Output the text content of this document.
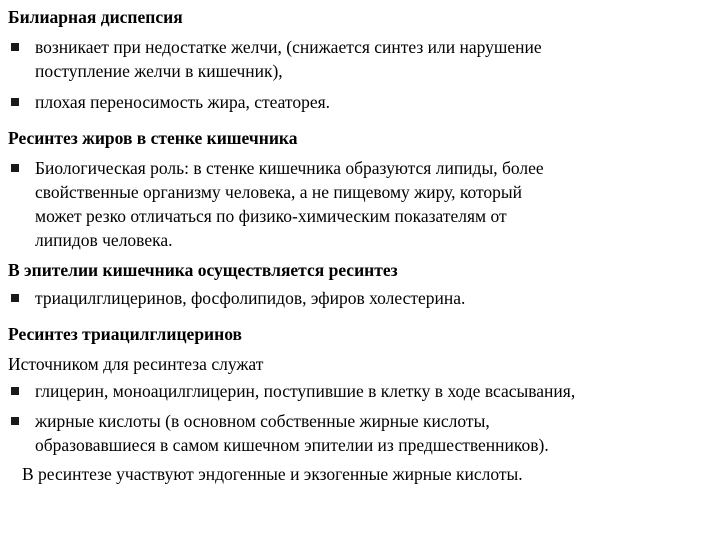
Билиарная диспепсия
возникает при недостатке желчи, (снижается синтез или нарушение
поступление желчи в кишечник),
плохая переносимость жира, стеаторея.
Ресинтез жиров в стенке кишечника
Биологическая роль: в стенке кишечника образуются липиды, более
свойственные организму человека, а не пищевому жиру, который
может резко отличаться по физико-химическим показателям от
липидов человека.
В эпителии кишечника осуществляется ресинтез
триацилглицеринов, фосфолипидов, эфиров холестерина.
Ресинтез триацилглицеринов
Источником для ресинтеза служат
глицерин, моноацилглицерин, поступившие в клетку в ходе всасывания,
жирные кислоты (в основном собственные жирные кислоты,
образовавшиеся в самом кишечном эпителии из предшественников).
В ресинтезе участвуют эндогенные и экзогенные жирные кислоты.
